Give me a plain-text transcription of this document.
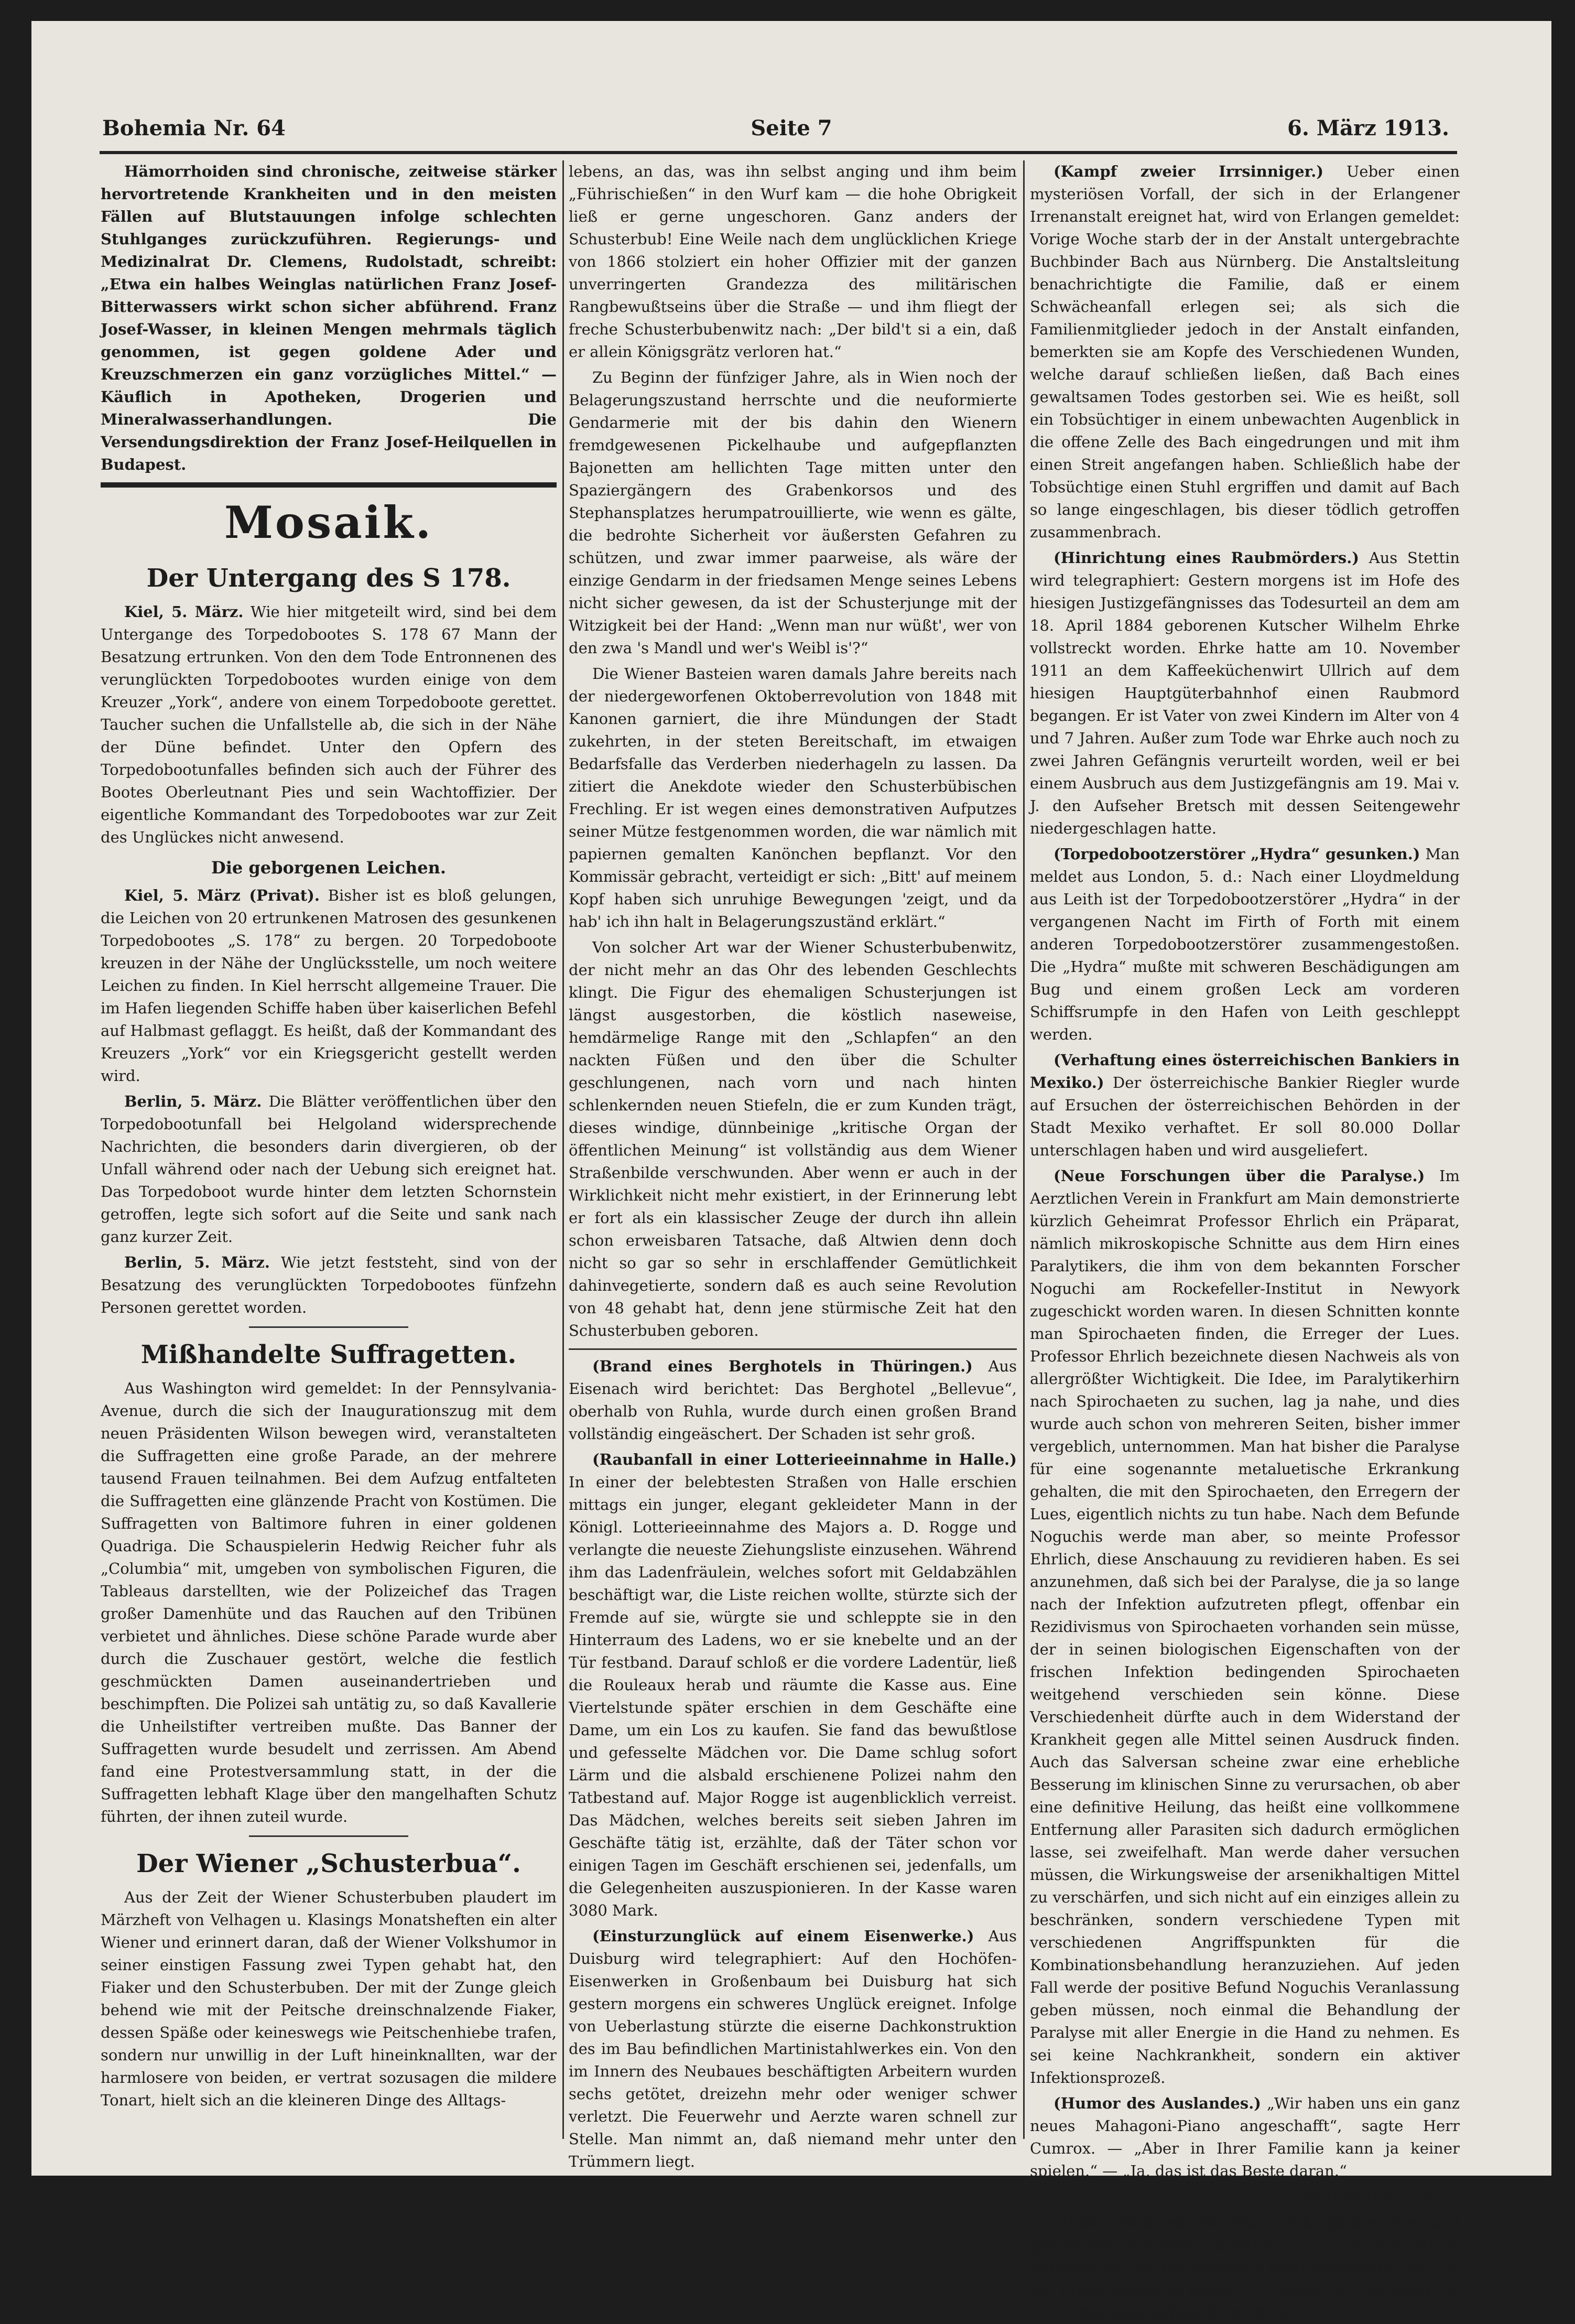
Bohemia Nr. 64	Seite 7	6. März 1913.

Hämorrhoiden sind chronische, zeitweise stärker hervortretende Krankheiten und in den meisten Fällen auf Blutstauungen infolge schlechten Stuhlganges zurückzuführen. Regierungs- und Medizinalrat Dr. Clemens, Rudolstadt, schreibt: „Etwa ein halbes Weinglas natürlichen Franz Josef-Bitterwassers wirkt schon sicher abführend. Franz Josef-Wasser, in kleinen Mengen mehrmals täglich genommen, ist gegen goldene Ader und Kreuzschmerzen ein ganz vorzügliches Mittel.“ — Käuflich in Apotheken, Drogerien und Mineralwasserhandlungen. Die Versendungsdirektion der Franz Josef-Heilquellen in Budapest.

Mosaik.
Der Untergang des S 178.

Kiel, 5. März. Wie hier mitgeteilt wird, sind bei dem Untergange des Torpedobootes S. 178 67 Mann der Besatzung ertrunken. Von den dem Tode Entronnenen des verunglückten Torpedobootes wurden einige von dem Kreuzer „York“, andere von einem Torpedoboote gerettet. Taucher suchen die Unfallstelle ab, die sich in der Nähe der Düne befindet. Unter den Opfern des Torpedobootunfalles befinden sich auch der Führer des Bootes Oberleutnant Pies und sein Wachtoffizier. Der eigentliche Kommandant des Torpedobootes war zur Zeit des Unglückes nicht anwesend.

Die geborgenen Leichen.

Kiel, 5. März (Privat). Bisher ist es bloß gelungen, die Leichen von 20 ertrunkenen Matrosen des gesunkenen Torpedobootes „S. 178“ zu bergen. 20 Torpedoboote kreuzen in der Nähe der Unglücksstelle, um noch weitere Leichen zu finden. In Kiel herrscht allgemeine Trauer. Die im Hafen liegenden Schiffe haben über kaiserlichen Befehl auf Halbmast geflaggt. Es heißt, daß der Kommandant des Kreuzers „York“ vor ein Kriegsgericht gestellt werden wird.

Berlin, 5. März. Die Blätter veröffentlichen über den Torpedobootunfall bei Helgoland widersprechende Nachrichten, die besonders darin divergieren, ob der Unfall während oder nach der Uebung sich ereignet hat. Das Torpedoboot wurde hinter dem letzten Schornstein getroffen, legte sich sofort auf die Seite und sank nach ganz kurzer Zeit.

Berlin, 5. März. Wie jetzt feststeht, sind von der Besatzung des verunglückten Torpedobootes fünfzehn Personen gerettet worden.

Mißhandelte Suffragetten.

Aus Washington wird gemeldet: In der Pennsylvania-Avenue, durch die sich der Inaugurationszug mit dem neuen Präsidenten Wilson bewegen wird, veranstalteten die Suffragetten eine große Parade, an der mehrere tausend Frauen teilnahmen. Bei dem Aufzug entfalteten die Suffragetten eine glänzende Pracht von Kostümen. Die Suffragetten von Baltimore fuhren in einer goldenen Quadriga. Die Schauspielerin Hedwig Reicher fuhr als „Columbia“ mit, umgeben von symbolischen Figuren, die Tableaus darstellten, wie der Polizeichef das Tragen großer Damenhüte und das Rauchen auf den Tribünen verbietet und ähnliches. Diese schöne Parade wurde aber durch die Zuschauer gestört, welche die festlich geschmückten Damen auseinandertrieben und beschimpften. Die Polizei sah untätig zu, so daß Kavallerie die Unheilstifter vertreiben mußte. Das Banner der Suffragetten wurde besudelt und zerrissen. Am Abend fand eine Protestversammlung statt, in der die Suffragetten lebhaft Klage über den mangelhaften Schutz führten, der ihnen zuteil wurde.

Der Wiener „Schusterbua“.

Aus der Zeit der Wiener Schusterbuben plaudert im Märzheft von Velhagen u. Klasings Monatsheften ein alter Wiener und erinnert daran, daß der Wiener Volkshumor in seiner einstigen Fassung zwei Typen gehabt hat, den Fiaker und den Schusterbuben. Der mit der Zunge gleich behend wie mit der Peitsche dreinschnalzende Fiaker, dessen Späße oder keineswegs wie Peitschenhiebe trafen, sondern nur unwillig in der Luft hineinknallten, war der harmlosere von beiden, er vertrat sozusagen die mildere Tonart, hielt sich an die kleineren Dinge des Alltags-

lebens, an das, was ihn selbst anging und ihm beim „Führischießen“ in den Wurf kam — die hohe Obrigkeit ließ er gerne ungeschoren. Ganz anders der Schusterbub! Eine Weile nach dem unglücklichen Kriege von 1866 stolziert ein hoher Offizier mit der ganzen unverringerten Grandezza des militärischen Rangbewußtseins über die Straße — und ihm fliegt der freche Schusterbubenwitz nach: „Der bild't si a ein, daß er allein Königsgrätz verloren hat.“

Zu Beginn der fünfziger Jahre, als in Wien noch der Belagerungszustand herrschte und die neuformierte Gendarmerie mit der bis dahin den Wienern fremdgewesenen Pickelhaube und aufgepflanzten Bajonetten am hellichten Tage mitten unter den Spaziergängern des Grabenkorsos und des Stephansplatzes herumpatrouillierte, wie wenn es gälte, die bedrohte Sicherheit vor äußersten Gefahren zu schützen, und zwar immer paarweise, als wäre der einzige Gendarm in der friedsamen Menge seines Lebens nicht sicher gewesen, da ist der Schusterjunge mit der Witzigkeit bei der Hand: „Wenn man nur wüßt', wer von den zwa 's Mandl und wer's Weibl is'?“

Die Wiener Basteien waren damals Jahre bereits nach der niedergeworfenen Oktoberrevolution von 1848 mit Kanonen garniert, die ihre Mündungen der Stadt zukehrten, in der steten Bereitschaft, im etwaigen Bedarfsfalle das Verderben niederhageln zu lassen. Da zitiert die Anekdote wieder den Schusterbübischen Frechling. Er ist wegen eines demonstrativen Aufputzes seiner Mütze festgenommen worden, die war nämlich mit papiernen gemalten Kanönchen bepflanzt. Vor den Kommissär gebracht, verteidigt er sich: „Bitt' auf meinem Kopf haben sich unruhige Bewegungen 'zeigt, und da hab' ich ihn halt in Belagerungszuständ erklärt.“

Von solcher Art war der Wiener Schusterbubenwitz, der nicht mehr an das Ohr des lebenden Geschlechts klingt. Die Figur des ehemaligen Schusterjungen ist längst ausgestorben, die köstlich naseweise, hemdärmelige Range mit den „Schlapfen“ an den nackten Füßen und den über die Schulter geschlungenen, nach vorn und nach hinten schlenkernden neuen Stiefeln, die er zum Kunden trägt, dieses windige, dünnbeinige „kritische Organ der öffentlichen Meinung“ ist vollständig aus dem Wiener Straßenbilde verschwunden. Aber wenn er auch in der Wirklichkeit nicht mehr existiert, in der Erinnerung lebt er fort als ein klassischer Zeuge der durch ihn allein schon erweisbaren Tatsache, daß Altwien denn doch nicht so gar so sehr in erschlaffender Gemütlichkeit dahinvegetierte, sondern daß es auch seine Revolution von 48 gehabt hat, denn jene stürmische Zeit hat den Schusterbuben geboren.

(Brand eines Berghotels in Thüringen.) Aus Eisenach wird berichtet: Das Berghotel „Bellevue“, oberhalb von Ruhla, wurde durch einen großen Brand vollständig eingeäschert. Der Schaden ist sehr groß.

(Raubanfall in einer Lotterieeinnahme in Halle.) In einer der belebtesten Straßen von Halle erschien mittags ein junger, elegant gekleideter Mann in der Königl. Lotterieeinnahme des Majors a. D. Rogge und verlangte die neueste Ziehungsliste einzusehen. Während ihm das Ladenfräulein, welches sofort mit Geldabzählen beschäftigt war, die Liste reichen wollte, stürzte sich der Fremde auf sie, würgte sie und schleppte sie in den Hinterraum des Ladens, wo er sie knebelte und an der Tür festband. Darauf schloß er die vordere Ladentür, ließ die Rouleaux herab und räumte die Kasse aus. Eine Viertelstunde später erschien in dem Geschäfte eine Dame, um ein Los zu kaufen. Sie fand das bewußtlose und gefesselte Mädchen vor. Die Dame schlug sofort Lärm und die alsbald erschienene Polizei nahm den Tatbestand auf. Major Rogge ist augenblicklich verreist. Das Mädchen, welches bereits seit sieben Jahren im Geschäfte tätig ist, erzählte, daß der Täter schon vor einigen Tagen im Geschäft erschienen sei, jedenfalls, um die Gelegenheiten auszuspionieren. In der Kasse waren 3080 Mark.

(Einsturzunglück auf einem Eisenwerke.) Aus Duisburg wird telegraphiert: Auf den Hochöfen-Eisenwerken in Großenbaum bei Duisburg hat sich gestern morgens ein schweres Unglück ereignet. Infolge von Ueberlastung stürzte die eiserne Dachkonstruktion des im Bau befindlichen Martinistahlwerkes ein. Von den im Innern des Neubaues beschäftigten Arbeitern wurden sechs getötet, dreizehn mehr oder weniger schwer verletzt. Die Feuerwehr und Aerzte waren schnell zur Stelle. Man nimmt an, daß niemand mehr unter den Trümmern liegt.

(Kampf zweier Irrsinniger.) Ueber einen mysteriösen Vorfall, der sich in der Erlangener Irrenanstalt ereignet hat, wird von Erlangen gemeldet: Vorige Woche starb der in der Anstalt untergebrachte Buchbinder Bach aus Nürnberg. Die Anstaltsleitung benachrichtigte die Familie, daß er einem Schwächeanfall erlegen sei; als sich die Familienmitglieder jedoch in der Anstalt einfanden, bemerkten sie am Kopfe des Verschiedenen Wunden, welche darauf schließen ließen, daß Bach eines gewaltsamen Todes gestorben sei. Wie es heißt, soll ein Tobsüchtiger in einem unbewachten Augenblick in die offene Zelle des Bach eingedrungen und mit ihm einen Streit angefangen haben. Schließlich habe der Tobsüchtige einen Stuhl ergriffen und damit auf Bach so lange eingeschlagen, bis dieser tödlich getroffen zusammenbrach.

(Hinrichtung eines Raubmörders.) Aus Stettin wird telegraphiert: Gestern morgens ist im Hofe des hiesigen Justizgefängnisses das Todesurteil an dem am 18. April 1884 geborenen Kutscher Wilhelm Ehrke vollstreckt worden. Ehrke hatte am 10. November 1911 an dem Kaffeeküchenwirt Ullrich auf dem hiesigen Hauptgüterbahnhof einen Raubmord begangen. Er ist Vater von zwei Kindern im Alter von 4 und 7 Jahren. Außer zum Tode war Ehrke auch noch zu zwei Jahren Gefängnis verurteilt worden, weil er bei einem Ausbruch aus dem Justizgefängnis am 19. Mai v. J. den Aufseher Bretsch mit dessen Seitengewehr niedergeschlagen hatte.

(Torpedobootzerstörer „Hydra“ gesunken.) Man meldet aus London, 5. d.: Nach einer Lloydmeldung aus Leith ist der Torpedobootzerstörer „Hydra“ in der vergangenen Nacht im Firth of Forth mit einem anderen Torpedobootzerstörer zusammengestoßen. Die „Hydra“ mußte mit schweren Beschädigungen am Bug und einem großen Leck am vorderen Schiffsrumpfe in den Hafen von Leith geschleppt werden.

(Verhaftung eines österreichischen Bankiers in Mexiko.) Der österreichische Bankier Riegler wurde auf Ersuchen der österreichischen Behörden in der Stadt Mexiko verhaftet. Er soll 80.000 Dollar unterschlagen haben und wird ausgeliefert.

(Neue Forschungen über die Paralyse.) Im Aerztlichen Verein in Frankfurt am Main demonstrierte kürzlich Geheimrat Professor Ehrlich ein Präparat, nämlich mikroskopische Schnitte aus dem Hirn eines Paralytikers, die ihm von dem bekannten Forscher Noguchi am Rockefeller-Institut in Newyork zugeschickt worden waren. In diesen Schnitten konnte man Spirochaeten finden, die Erreger der Lues. Professor Ehrlich bezeichnete diesen Nachweis als von allergrößter Wichtigkeit. Die Idee, im Paralytikerhirn nach Spirochaeten zu suchen, lag ja nahe, und dies wurde auch schon von mehreren Seiten, bisher immer vergeblich, unternommen. Man hat bisher die Paralyse für eine sogenannte metaluetische Erkrankung gehalten, die mit den Spirochaeten, den Erregern der Lues, eigentlich nichts zu tun habe. Nach dem Befunde Noguchis werde man aber, so meinte Professor Ehrlich, diese Anschauung zu revidieren haben. Es sei anzunehmen, daß sich bei der Paralyse, die ja so lange nach der Infektion aufzutreten pflegt, offenbar ein Rezidivismus von Spirochaeten vorhanden sein müsse, der in seinen biologischen Eigenschaften von der frischen Infektion bedingenden Spirochaeten weitgehend verschieden sein könne. Diese Verschiedenheit dürfte auch in dem Widerstand der Krankheit gegen alle Mittel seinen Ausdruck finden. Auch das Salversan scheine zwar eine erhebliche Besserung im klinischen Sinne zu verursachen, ob aber eine definitive Heilung, das heißt eine vollkommene Entfernung aller Parasiten sich dadurch ermöglichen lasse, sei zweifelhaft. Man werde daher versuchen müssen, die Wirkungsweise der arsenikhaltigen Mittel zu verschärfen, und sich nicht auf ein einziges allein zu beschränken, sondern verschiedene Typen mit verschiedenen Angriffspunkten für die Kombinationsbehandlung heranzuziehen. Auf jeden Fall werde der positive Befund Noguchis Veranlassung geben müssen, noch einmal die Behandlung der Paralyse mit aller Energie in die Hand zu nehmen. Es sei keine Nachkrankheit, sondern ein aktiver Infektionsprozeß.

(Humor des Auslandes.) „Wir haben uns ein ganz neues Mahagoni-Piano angeschafft“, sagte Herr Cumrox. — „Aber in Ihrer Familie kann ja keiner spielen.“ — „Ja, das ist das Beste daran.“

(Washington Star.)

„Hallo! Nehmen Sie Platz. Ich glaube, Sie sind gekommen, um mich zu bitten…“ — „Sie sind falsch unterrichtet; ich bin durchaus nicht gekommen, um Sie um irgend etwas zu bitten.“ — „Nanu! Ich verstand Sie …“ — Was kam lediglich, mich zu
